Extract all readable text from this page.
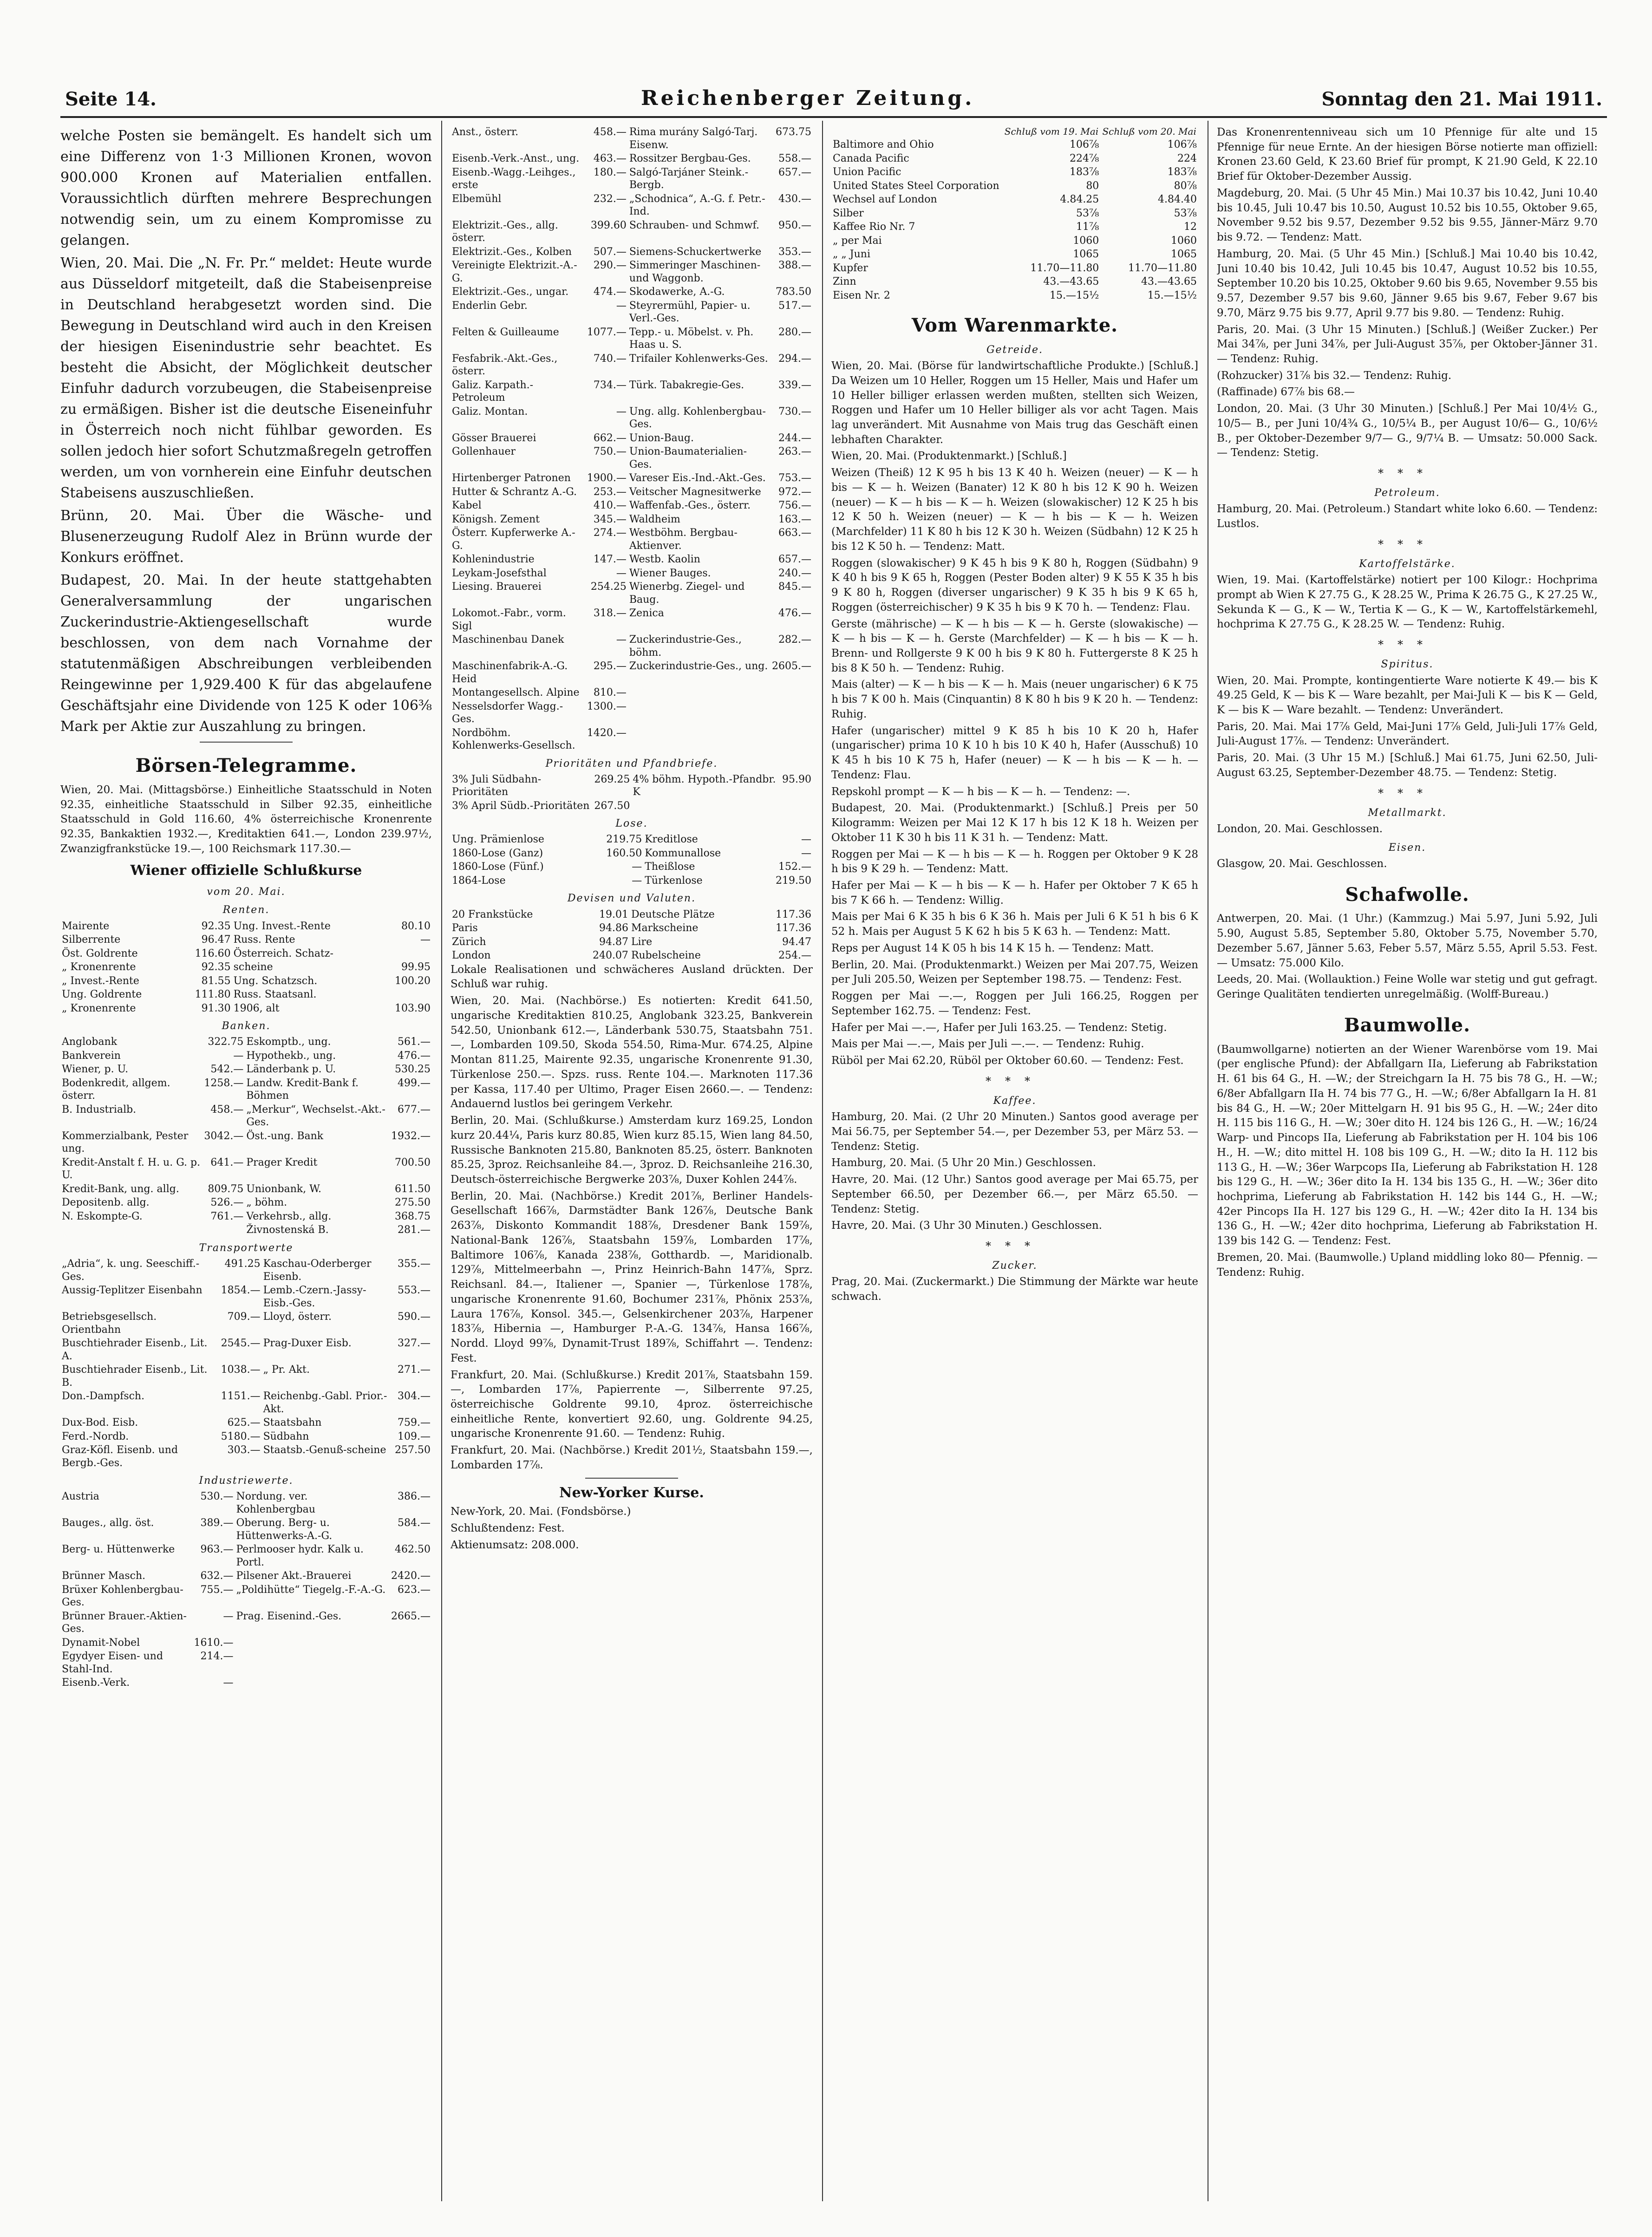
Seite 14.	Reichenberger Zeitung.	Sonntag den 21. Mai 1911.

welche Posten sie bemängelt. Es handelt sich um eine Differenz von 1·3 Millionen Kronen, wovon 900.000 Kronen auf Materialien entfallen. Voraussichtlich dürften mehrere Besprechungen notwendig sein, um zu einem Kompromisse zu gelangen.

Wien, 20. Mai. Die „N. Fr. Pr.“ meldet: Heute wurde aus Düsseldorf mitgeteilt, daß die Stabeisenpreise in Deutschland herabgesetzt worden sind. Die Bewegung in Deutschland wird auch in den Kreisen der hiesigen Eisenindustrie sehr beachtet. Es besteht die Absicht, der Möglichkeit deutscher Einfuhr dadurch vorzubeugen, die Stabeisenpreise zu ermäßigen. Bisher ist die deutsche Eiseneinfuhr in Österreich noch nicht fühlbar geworden. Es sollen jedoch hier sofort Schutzmaßregeln getroffen werden, um von vornherein eine Einfuhr deutschen Stabeisens auszuschließen.

Brünn, 20. Mai. Über die Wäsche- und Blusenerzeugung Rudolf Alez in Brünn wurde der Konkurs eröffnet.

Budapest, 20. Mai. In der heute stattgehabten Generalversammlung der ungarischen Zuckerindustrie-Aktiengesellschaft wurde beschlossen, von dem nach Vornahme der statutenmäßigen Abschreibungen verbleibenden Reingewinne per 1,929.400 K für das abgelaufene Geschäftsjahr eine Dividende von 125 K oder 106⅜ Mark per Aktie zur Auszahlung zu bringen.

Börsen-Telegramme.

Wien, 20. Mai. (Mittagsbörse.) Einheitliche Staatsschuld in Noten 92.35, einheitliche Staatsschuld in Silber 92.35, einheitliche Staatsschuld in Gold 116.60, 4% österreichische Kronenrente 92.35, Bankaktien 1932.—, Kreditaktien 641.—, London 239.97½, Zwanzigfrankstücke 19.—, 100 Reichsmark 117.30.—

Wiener offizielle Schlußkurse
vom 20. Mai.
Renten.
Mairente	92.35	Ung. Invest.-Rente	80.10
Silberrente	96.47	Russ. Rente	—
Öst. Goldrente	116.60	Österreich. Schatz-	
„ Kronenrente	92.35	scheine	99.95
„ Invest.-Rente	81.55	Ung. Schatzsch.	100.20
Ung. Goldrente	111.80	Russ. Staatsanl.	
„ Kronenrente	91.30	1906, alt	103.90
Banken.
Anglobank	322.75	Eskomptb., ung.	561.—
Bankverein	—	Hypothekb., ung.	476.—
Wiener, p. U.	542.—	Länderbank p. U.	530.25
Bodenkredit, allgem. österr.	1258.—	Landw. Kredit-Bank f. Böhmen	499.—
B. Industrialb.	458.—	„Merkur“, Wechselst.-Akt.-Ges.	677.—
Kommerzialbank, Pester ung.	3042.—	Öst.-ung. Bank	1932.—
Kredit-Anstalt f. H. u. G. p. U.	641.—	Prager Kredit	700.50
Kredit-Bank, ung. allg.	809.75	Unionbank, W.	611.50
Depositenb. allg.	526.—	„ böhm.	275.50
N. Eskompte-G.	761.—	Verkehrsb., allg.	368.75
		Živnostenská B.	281.—
Transportwerte
„Adria“, k. ung. Seeschiff.-Ges.	491.25	Kaschau-Oderberger Eisenb.	355.—
Aussig-Teplitzer Eisenbahn	1854.—	Lemb.-Czern.-Jassy-Eisb.-Ges.	553.—
Betriebsgesellsch. Orientbahn	709.—	Lloyd, österr.	590.—
Buschtiehrader Eisenb., Lit. A.	2545.—	Prag-Duxer Eisb.	327.—
Buschtiehrader Eisenb., Lit. B.	1038.—	„ Pr. Akt.	271.—
Don.-Dampfsch.	1151.—	Reichenbg.-Gabl. Prior.-Akt.	304.—
Dux-Bod. Eisb.	625.—	Staatsbahn	759.—
Ferd.-Nordb.	5180.—	Südbahn	109.—
Graz-Köfl. Eisenb. und Bergb.-Ges.	303.—	Staatsb.-Genuß-scheine	257.50
Industriewerte.
Austria	530.—	Nordung. ver. Kohlenbergbau	386.—
Bauges., allg. öst.	389.—	Oberung. Berg- u. Hüttenwerks-A.-G.	584.—
Berg- u. Hüttenwerke	963.—	Perlmooser hydr. Kalk u. Portl.	462.50
Brünner Masch.	632.—	Pilsener Akt.-Brauerei	2420.—
Brüxer Kohlenbergbau-Ges.	755.—	„Poldihütte“ Tiegelg.-F.-A.-G.	623.—
Brünner Brauer.-Aktien-Ges.	—	Prag. Eisenind.-Ges.	2665.—
Dynamit-Nobel	1610.—		
Egydyer Eisen- und Stahl-Ind.	214.—		
Eisenb.-Verk.	—		
Anst., österr.	458.—	Rima murány Salgó-Tarj. Eisenw.	673.75
Eisenb.-Verk.-Anst., ung.	463.—	Rossitzer Bergbau-Ges.	558.—
Eisenb.-Wagg.-Leihges., erste	180.—	Salgó-Tarjáner Steink.-Bergb.	657.—
Elbemühl	232.—	„Schodnica“, A.-G. f. Petr.-Ind.	430.—
Elektrizit.-Ges., allg. österr.	399.60	Schrauben- und Schmwf.	950.—
Elektrizit.-Ges., Kolben	507.—	Siemens-Schuckertwerke	353.—
Vereinigte Elektrizit.-A.-G.	290.—	Simmeringer Maschinen- und Waggonb.	388.—
Elektrizit.-Ges., ungar.	474.—	Skodawerke, A.-G.	783.50
Enderlin Gebr.	—	Steyrermühl, Papier- u. Verl.-Ges.	517.—
Felten & Guilleaume	1077.—	Tepp.- u. Möbelst. v. Ph. Haas u. S.	280.—
Fesfabrik.-Akt.-Ges., österr.	740.—	Trifailer Kohlenwerks-Ges.	294.—
Galiz. Karpath.-Petroleum	734.—	Türk. Tabakregie-Ges.	339.—
Galiz. Montan.	—	Ung. allg. Kohlenbergbau-Ges.	730.—
Gösser Brauerei	662.—	Union-Baug.	244.—
Gollenhauer	750.—	Union-Baumaterialien-Ges.	263.—
Hirtenberger Patronen	1900.—	Vareser Eis.-Ind.-Akt.-Ges.	753.—
Hutter & Schrantz A.-G.	253.—	Veitscher Magnesitwerke	972.—
Kabel	410.—	Waffenfab.-Ges., österr.	756.—
Königsh. Zement	345.—	Waldheim	163.—
Österr. Kupferwerke A.-G.	274.—	Westböhm. Bergbau-Aktienver.	663.—
Kohlenindustrie	147.—	Westb. Kaolin	657.—
Leykam-Josefsthal	—	Wiener Bauges.	240.—
Liesing. Brauerei	254.25	Wienerbg. Ziegel- und Baug.	845.—
Lokomot.-Fabr., vorm. Sigl	318.—	Zenica	476.—
Maschinenbau Danek	—	Zuckerindustrie-Ges., böhm.	282.—
Maschinenfabrik-A.-G. Heid	295.—	Zuckerindustrie-Ges., ung.	2605.—
Montangesellsch. Alpine	810.—		
Nesselsdorfer Wagg.-Ges.	1300.—		
Nordböhm. Kohlenwerks-Gesellsch.	1420.—		
Prioritäten und Pfandbriefe.
3% Juli Südbahn-Prioritäten	269.25	4% böhm. Hypoth.-Pfandbr. K	95.90
3% April Südb.-Prioritäten	267.50		
Lose.
Ung. Prämienlose	219.75	Kreditlose	—
1860-Lose (Ganz)	160.50	Kommunallose	—
1860-Lose (Fünf.)	—	Theißlose	152.—
1864-Lose	—	Türkenlose	219.50
Devisen und Valuten.
20 Frankstücke	19.01	Deutsche Plätze	117.36
Paris	94.86	Markscheine	117.36
Zürich	94.87	Lire	94.47
London	240.07	Rubelscheine	254.—

Lokale Realisationen und schwächeres Ausland drückten. Der Schluß war ruhig.

Wien, 20. Mai. (Nachbörse.) Es notierten: Kredit 641.50, ungarische Kreditaktien 810.25, Anglobank 323.25, Bankverein 542.50, Unionbank 612.—, Länderbank 530.75, Staatsbahn 751.—, Lombarden 109.50, Skoda 554.50, Rima-Mur. 674.25, Alpine Montan 811.25, Mairente 92.35, ungarische Kronenrente 91.30, Türkenlose 250.—. Spzs. russ. Rente 104.—. Marknoten 117.36 per Kassa, 117.40 per Ultimo, Prager Eisen 2660.—. — Tendenz: Andauernd lustlos bei geringem Verkehr.

Berlin, 20. Mai. (Schlußkurse.) Amsterdam kurz 169.25, London kurz 20.44¼, Paris kurz 80.85, Wien kurz 85.15, Wien lang 84.50, Russische Banknoten 215.80, Banknoten 85.25, österr. Banknoten 85.25, 3proz. Reichsanleihe 84.—, 3proz. D. Reichsanleihe 216.30, Deutsch-österreichische Bergwerke 203⅞, Duxer Kohlen 244⅞.

Berlin, 20. Mai. (Nachbörse.) Kredit 201⅞, Berliner Handels-Gesellschaft 166⅞, Darmstädter Bank 126⅞, Deutsche Bank 263⅞, Diskonto Kommandit 188⅞, Dresdener Bank 159⅞, National-Bank 126⅞, Staatsbahn 159⅞, Lombarden 17⅞, Baltimore 106⅞, Kanada 238⅞, Gotthardb. —, Maridionalb. 129⅞, Mittelmeerbahn —, Prinz Heinrich-Bahn 147⅞, Sprz. Reichsanl. 84.—, Italiener —, Spanier —, Türkenlose 178⅞, ungarische Kronenrente 91.60, Bochumer 231⅞, Phönix 253⅞, Laura 176⅞, Konsol. 345.—, Gelsenkirchener 203⅞, Harpener 183⅞, Hibernia —, Hamburger P.-A.-G. 134⅞, Hansa 166⅞, Nordd. Lloyd 99⅞, Dynamit-Trust 189⅞, Schiffahrt —. Tendenz: Fest.

Frankfurt, 20. Mai. (Schlußkurse.) Kredit 201⅞, Staatsbahn 159.—, Lombarden 17⅞, Papierrente —, Silberrente 97.25, österreichische Goldrente 99.10, 4proz. österreichische einheitliche Rente, konvertiert 92.60, ung. Goldrente 94.25, ungarische Kronenrente 91.60. — Tendenz: Ruhig.

Frankfurt, 20. Mai. (Nachbörse.) Kredit 201½, Staatsbahn 159.—, Lombarden 17⅞.

New-Yorker Kurse.

New-York, 20. Mai. (Fondsbörse.)

Schlußtendenz: Fest.

Aktienumsatz: 208.000.

	Schluß vom 19. Mai	Schluß vom 20. Mai
Baltimore and Ohio	106⅞	106⅞
Canada Pacific	224⅞	224
Union Pacific	183⅞	183⅞
United States Steel Corporation	80	80⅞
Wechsel auf London	4.84.25	4.84.40
Silber	53⅞	53⅞
Kaffee Rio Nr. 7	11⅞	12
„ per Mai	1060	1060
„ „ Juni	1065	1065
Kupfer	11.70—11.80	11.70—11.80
Zinn	43.—43.65	43.—43.65
Eisen Nr. 2	15.—15½	15.—15½
Vom Warenmarkte.
Getreide.

Wien, 20. Mai. (Börse für landwirtschaftliche Produkte.) [Schluß.] Da Weizen um 10 Heller, Roggen um 15 Heller, Mais und Hafer um 10 Heller billiger erlassen werden mußten, stellten sich Weizen, Roggen und Hafer um 10 Heller billiger als vor acht Tagen. Mais lag unverändert. Mit Ausnahme von Mais trug das Geschäft einen lebhaften Charakter.

Wien, 20. Mai. (Produktenmarkt.) [Schluß.]

Weizen (Theiß) 12 K 95 h bis 13 K 40 h. Weizen (neuer) — K — h bis — K — h. Weizen (Banater) 12 K 80 h bis 12 K 90 h. Weizen (neuer) — K — h bis — K — h. Weizen (slowakischer) 12 K 25 h bis 12 K 50 h. Weizen (neuer) — K — h bis — K — h. Weizen (Marchfelder) 11 K 80 h bis 12 K 30 h. Weizen (Südbahn) 12 K 25 h bis 12 K 50 h. — Tendenz: Matt.

Roggen (slowakischer) 9 K 45 h bis 9 K 80 h, Roggen (Südbahn) 9 K 40 h bis 9 K 65 h, Roggen (Pester Boden alter) 9 K 55 K 35 h bis 9 K 80 h, Roggen (diverser ungarischer) 9 K 35 h bis 9 K 65 h, Roggen (österreichischer) 9 K 35 h bis 9 K 70 h. — Tendenz: Flau.

Gerste (mährische) — K — h bis — K — h. Gerste (slowakische) — K — h bis — K — h. Gerste (Marchfelder) — K — h bis — K — h. Brenn- und Rollgerste 9 K 00 h bis 9 K 80 h. Futtergerste 8 K 25 h bis 8 K 50 h. — Tendenz: Ruhig.

Mais (alter) — K — h bis — K — h. Mais (neuer ungarischer) 6 K 75 h bis 7 K 00 h. Mais (Cinquantin) 8 K 80 h bis 9 K 20 h. — Tendenz: Ruhig.

Hafer (ungarischer) mittel 9 K 85 h bis 10 K 20 h, Hafer (ungarischer) prima 10 K 10 h bis 10 K 40 h, Hafer (Ausschuß) 10 K 45 h bis 10 K 75 h, Hafer (neuer) — K — h bis — K — h. — Tendenz: Flau.

Repskohl prompt — K — h bis — K — h. — Tendenz: —.

Budapest, 20. Mai. (Produktenmarkt.) [Schluß.] Preis per 50 Kilogramm: Weizen per Mai 12 K 17 h bis 12 K 18 h. Weizen per Oktober 11 K 30 h bis 11 K 31 h. — Tendenz: Matt.

Roggen per Mai — K — h bis — K — h. Roggen per Oktober 9 K 28 h bis 9 K 29 h. — Tendenz: Matt.

Hafer per Mai — K — h bis — K — h. Hafer per Oktober 7 K 65 h bis 7 K 66 h. — Tendenz: Willig.

Mais per Mai 6 K 35 h bis 6 K 36 h. Mais per Juli 6 K 51 h bis 6 K 52 h. Mais per August 5 K 62 h bis 5 K 63 h. — Tendenz: Matt.

Reps per August 14 K 05 h bis 14 K 15 h. — Tendenz: Matt.

Berlin, 20. Mai. (Produktenmarkt.) Weizen per Mai 207.75, Weizen per Juli 205.50, Weizen per September 198.75. — Tendenz: Fest.

Roggen per Mai —.—, Roggen per Juli 166.25, Roggen per September 162.75. — Tendenz: Fest.

Hafer per Mai —.—, Hafer per Juli 163.25. — Tendenz: Stetig.

Mais per Mai —.—, Mais per Juli —.—. — Tendenz: Ruhig.

Rüböl per Mai 62.20, Rüböl per Oktober 60.60. — Tendenz: Fest.

***
Kaffee.

Hamburg, 20. Mai. (2 Uhr 20 Minuten.) Santos good average per Mai 56.75, per September 54.—, per Dezember 53, per März 53. — Tendenz: Stetig.

Hamburg, 20. Mai. (5 Uhr 20 Min.) Geschlossen.

Havre, 20. Mai. (12 Uhr.) Santos good average per Mai 65.75, per September 66.50, per Dezember 66.—, per März 65.50. — Tendenz: Stetig.

Havre, 20. Mai. (3 Uhr 30 Minuten.) Geschlossen.

***
Zucker.

Prag, 20. Mai. (Zuckermarkt.) Die Stimmung der Märkte war heute schwach.

Das Kronenrentenniveau sich um 10 Pfennige für alte und 15 Pfennige für neue Ernte. An der hiesigen Börse notierte man offiziell: Kronen 23.60 Geld, K 23.60 Brief für prompt, K 21.90 Geld, K 22.10 Brief für Oktober-Dezember Aussig.

Magdeburg, 20. Mai. (5 Uhr 45 Min.) Mai 10.37 bis 10.42, Juni 10.40 bis 10.45, Juli 10.47 bis 10.50, August 10.52 bis 10.55, Oktober 9.65, November 9.52 bis 9.57, Dezember 9.52 bis 9.55, Jänner-März 9.70 bis 9.72. — Tendenz: Matt.

Hamburg, 20. Mai. (5 Uhr 45 Min.) [Schluß.] Mai 10.40 bis 10.42, Juni 10.40 bis 10.42, Juli 10.45 bis 10.47, August 10.52 bis 10.55, September 10.20 bis 10.25, Oktober 9.60 bis 9.65, November 9.55 bis 9.57, Dezember 9.57 bis 9.60, Jänner 9.65 bis 9.67, Feber 9.67 bis 9.70, März 9.75 bis 9.77, April 9.77 bis 9.80. — Tendenz: Ruhig.

Paris, 20. Mai. (3 Uhr 15 Minuten.) [Schluß.] (Weißer Zucker.) Per Mai 34⅞, per Juni 34⅞, per Juli-August 35⅞, per Oktober-Jänner 31.— Tendenz: Ruhig.

(Rohzucker) 31⅞ bis 32.— Tendenz: Ruhig.

(Raffinade) 67⅞ bis 68.—

London, 20. Mai. (3 Uhr 30 Minuten.) [Schluß.] Per Mai 10/4½ G., 10/5— B., per Juni 10/4¾ G., 10/5¼ B., per August 10/6— G., 10/6½ B., per Oktober-Dezember 9/7— G., 9/7¼ B. — Umsatz: 50.000 Sack. — Tendenz: Stetig.

***
Petroleum.

Hamburg, 20. Mai. (Petroleum.) Standart white loko 6.60. — Tendenz: Lustlos.

***
Kartoffelstärke.

Wien, 19. Mai. (Kartoffelstärke) notiert per 100 Kilogr.: Hochprima prompt ab Wien K 27.75 G., K 28.25 W., Prima K 26.75 G., K 27.25 W., Sekunda K — G., K — W., Tertia K — G., K — W., Kartoffelstärkemehl, hochprima K 27.75 G., K 28.25 W. — Tendenz: Ruhig.

***
Spiritus.

Wien, 20. Mai. Prompte, kontingentierte Ware notierte K 49.— bis K 49.25 Geld, K — bis K — Ware bezahlt, per Mai-Juli K — bis K — Geld, K — bis K — Ware bezahlt. — Tendenz: Unverändert.

Paris, 20. Mai. Mai 17⅞ Geld, Mai-Juni 17⅞ Geld, Juli-Juli 17⅞ Geld, Juli-August 17⅞. — Tendenz: Unverändert.

Paris, 20. Mai. (3 Uhr 15 M.) [Schluß.] Mai 61.75, Juni 62.50, Juli-August 63.25, September-Dezember 48.75. — Tendenz: Stetig.

***
Metallmarkt.

London, 20. Mai. Geschlossen.

Eisen.

Glasgow, 20. Mai. Geschlossen.

Schafwolle.

Antwerpen, 20. Mai. (1 Uhr.) (Kammzug.) Mai 5.97, Juni 5.92, Juli 5.90, August 5.85, September 5.80, Oktober 5.75, November 5.70, Dezember 5.67, Jänner 5.63, Feber 5.57, März 5.55, April 5.53. Fest. — Umsatz: 75.000 Kilo.

Leeds, 20. Mai. (Wollauktion.) Feine Wolle war stetig und gut gefragt. Geringe Qualitäten tendierten unregelmäßig. (Wolff-Bureau.)

Baumwolle.

(Baumwollgarne) notierten an der Wiener Warenbörse vom 19. Mai (per englische Pfund): der Abfallgarn IIa, Lieferung ab Fabrikstation H. 61 bis 64 G., H. —W.; der Streichgarn Ia H. 75 bis 78 G., H. —W.; 6/8er Abfallgarn IIa H. 74 bis 77 G., H. —W.; 6/8er Abfallgarn Ia H. 81 bis 84 G., H. —W.; 20er Mittelgarn H. 91 bis 95 G., H. —W.; 24er dito H. 115 bis 116 G., H. —W.; 30er dito H. 124 bis 126 G., H. —W.; 16/24 Warp- und Pincops IIa, Lieferung ab Fabrikstation per H. 104 bis 106 H., H. —W.; dito mittel H. 108 bis 109 G., H. —W.; dito Ia H. 112 bis 113 G., H. —W.; 36er Warpcops IIa, Lieferung ab Fabrikstation H. 128 bis 129 G., H. —W.; 36er dito Ia H. 134 bis 135 G., H. —W.; 36er dito hochprima, Lieferung ab Fabrikstation H. 142 bis 144 G., H. —W.; 42er Pincops IIa H. 127 bis 129 G., H. —W.; 42er dito Ia H. 134 bis 136 G., H. —W.; 42er dito hochprima, Lieferung ab Fabrikstation H. 139 bis 142 G. — Tendenz: Fest.

Bremen, 20. Mai. (Baumwolle.) Upland middling loko 80— Pfennig. — Tendenz: Ruhig.
